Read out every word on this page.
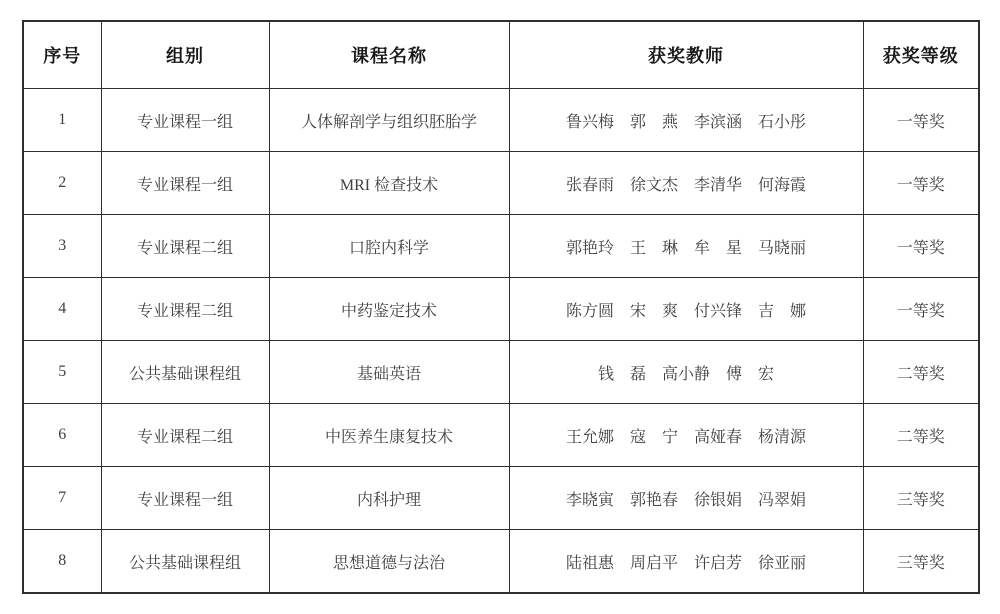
序号	组别	课程名称	获奖教师	获奖等级
1	专业课程一组	人体解剖学与组织胚胎学	鲁兴梅　郭　燕　李滨涵　石小彤	一等奖
2	专业课程一组	MRI 检查技术	张春雨　徐文杰　李清华　何海霞	一等奖
3	专业课程二组	口腔内科学	郭艳玲　王　琳　牟　星　马晓丽	一等奖
4	专业课程二组	中药鉴定技术	陈方圆　宋　爽　付兴锋　吉　娜	一等奖
5	公共基础课程组	基础英语	钱　磊　高小静　傅　宏	二等奖
6	专业课程二组	中医养生康复技术	王允娜　寇　宁　高娅春　杨清源	二等奖
7	专业课程一组	内科护理	李晓寅　郭艳春　徐银娟　冯翠娟	三等奖
8	公共基础课程组	思想道德与法治	陆祖惠　周启平　许启芳　徐亚丽	三等奖
